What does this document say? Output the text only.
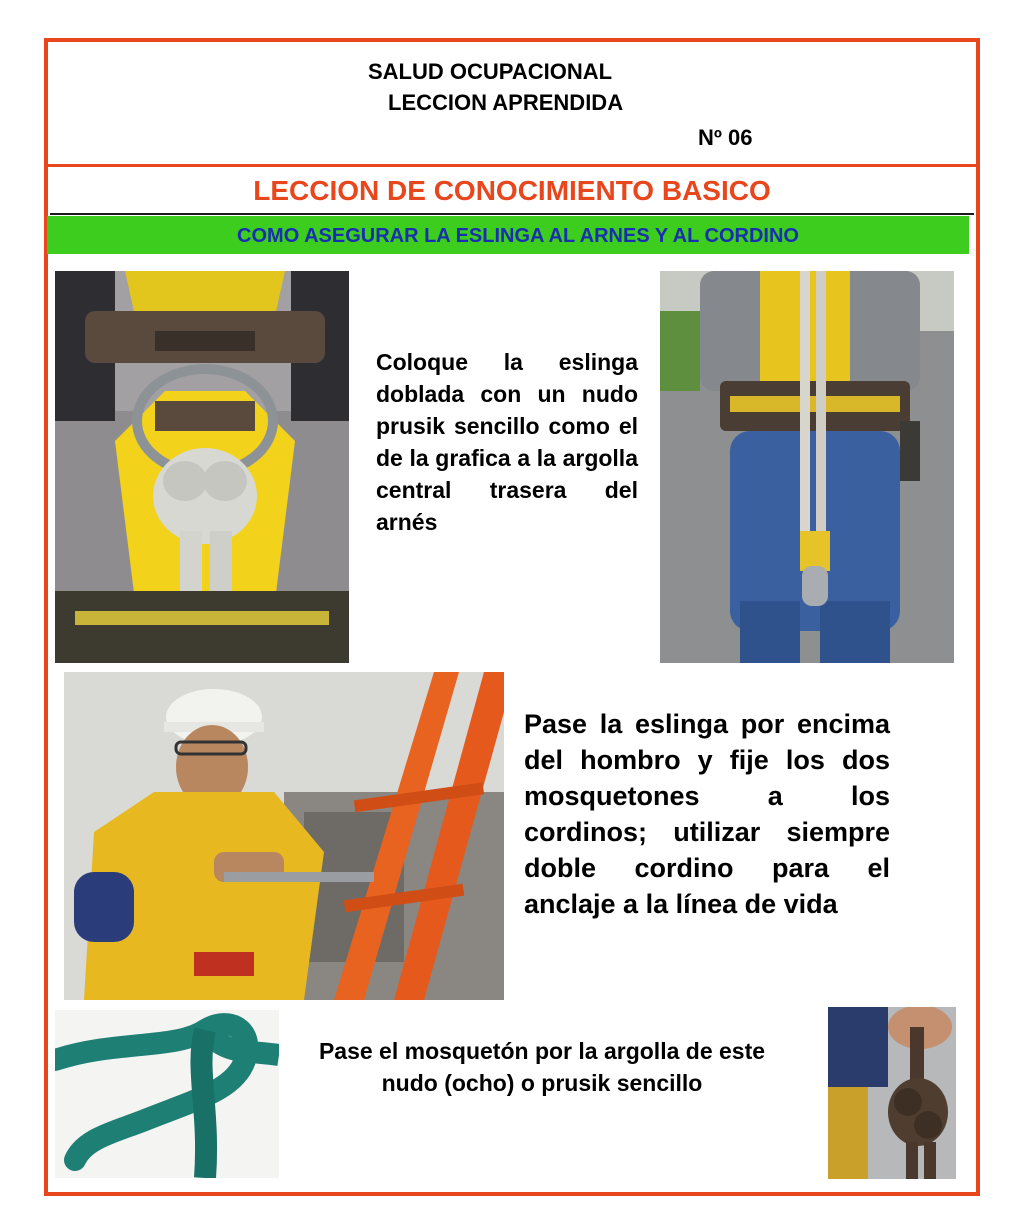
SALUD OCUPACIONAL
LECCION APRENDIDA
Nº 06
LECCION DE CONOCIMIENTO BASICO
COMO ASEGURAR LA ESLINGA AL ARNES Y AL CORDINO
Coloque la eslinga doblada con un nudo prusik sencillo como el de la grafica a la argolla central trasera del arnés
Pase la eslinga por encima del hombro y fije los dos mosquetones a los cordinos; utilizar siempre doble cordino para el anclaje a la línea de vida
Pase el mosquetón por la argolla de este nudo (ocho) o prusik sencillo
